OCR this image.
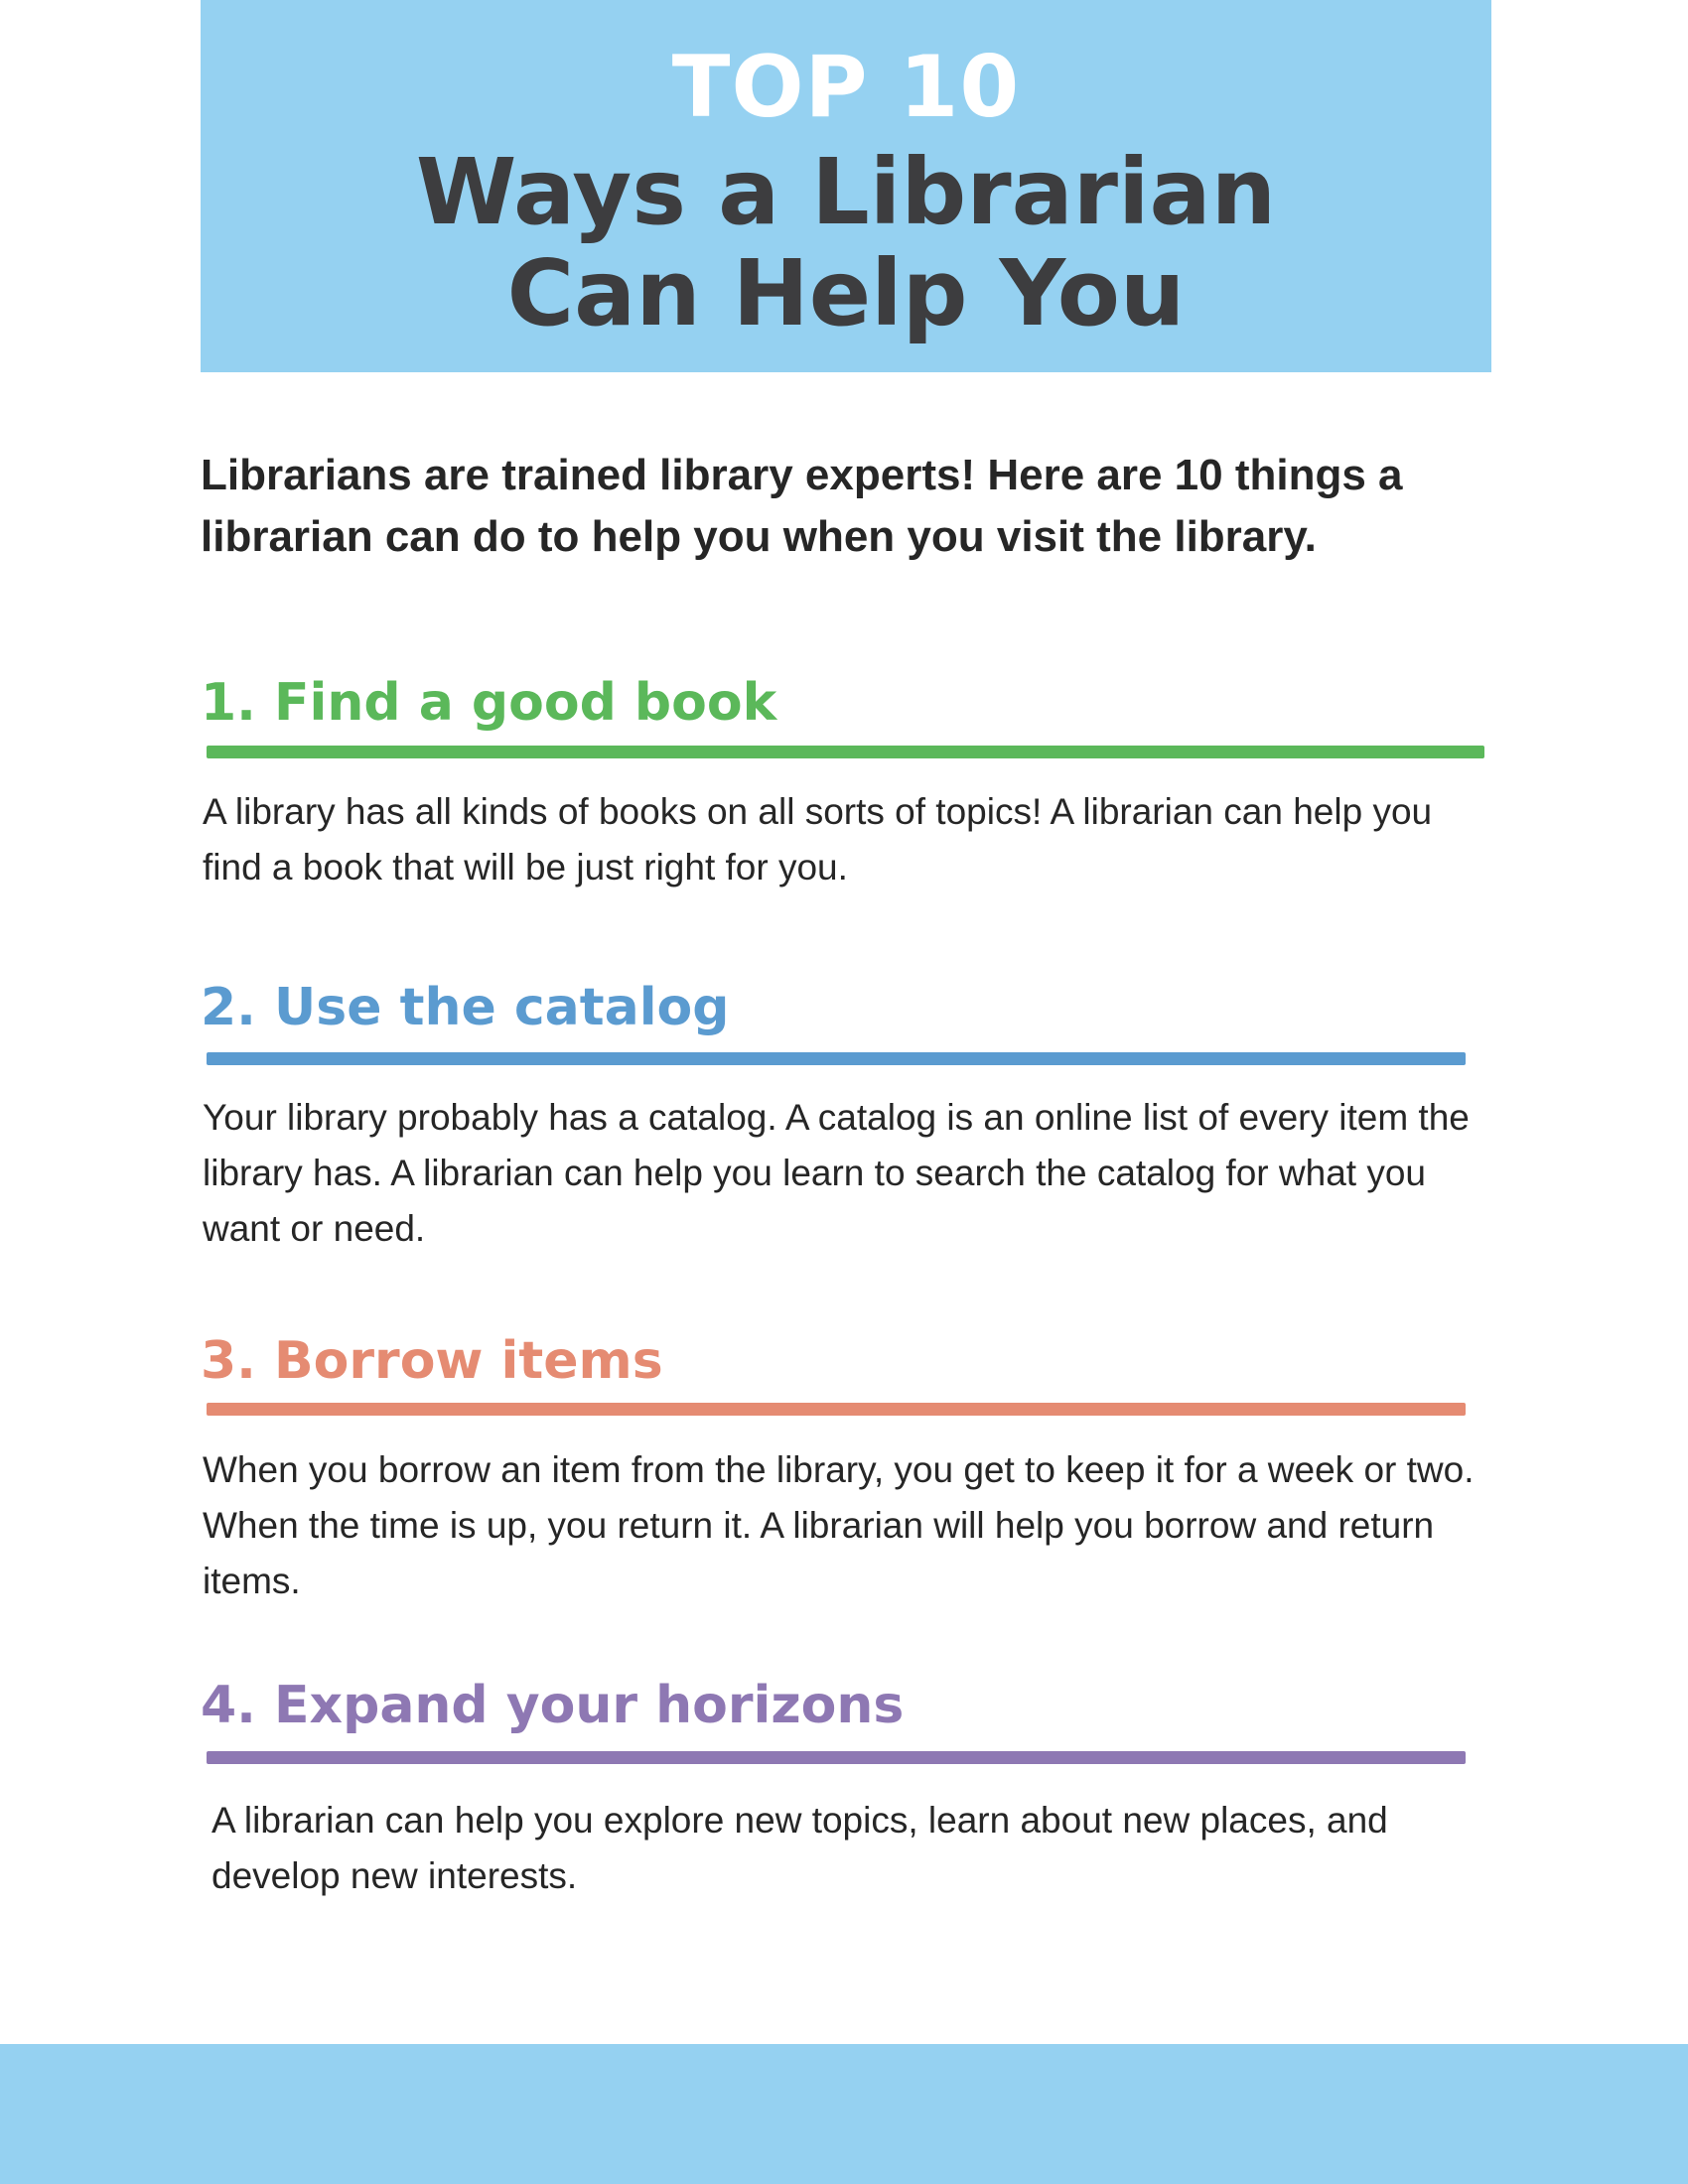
TOP 10
Ways a Librarian
Can Help You
Librarians are trained library experts! Here are 10 things a librarian can do to help you when you visit the library.
1. Find a good book
A library has all kinds of books on all sorts of topics! A librarian can help you find a book that will be just right for you.
2. Use the catalog
Your library probably has a catalog. A catalog is an online list of every item the library has. A librarian can help you learn to search the catalog for what you want or need.
3. Borrow items
When you borrow an item from the library, you get to keep it for a week or two. When the time is up, you return it. A librarian will help you borrow and return items.
4. Expand your horizons
A librarian can help you explore new topics, learn about new places, and develop new interests.
